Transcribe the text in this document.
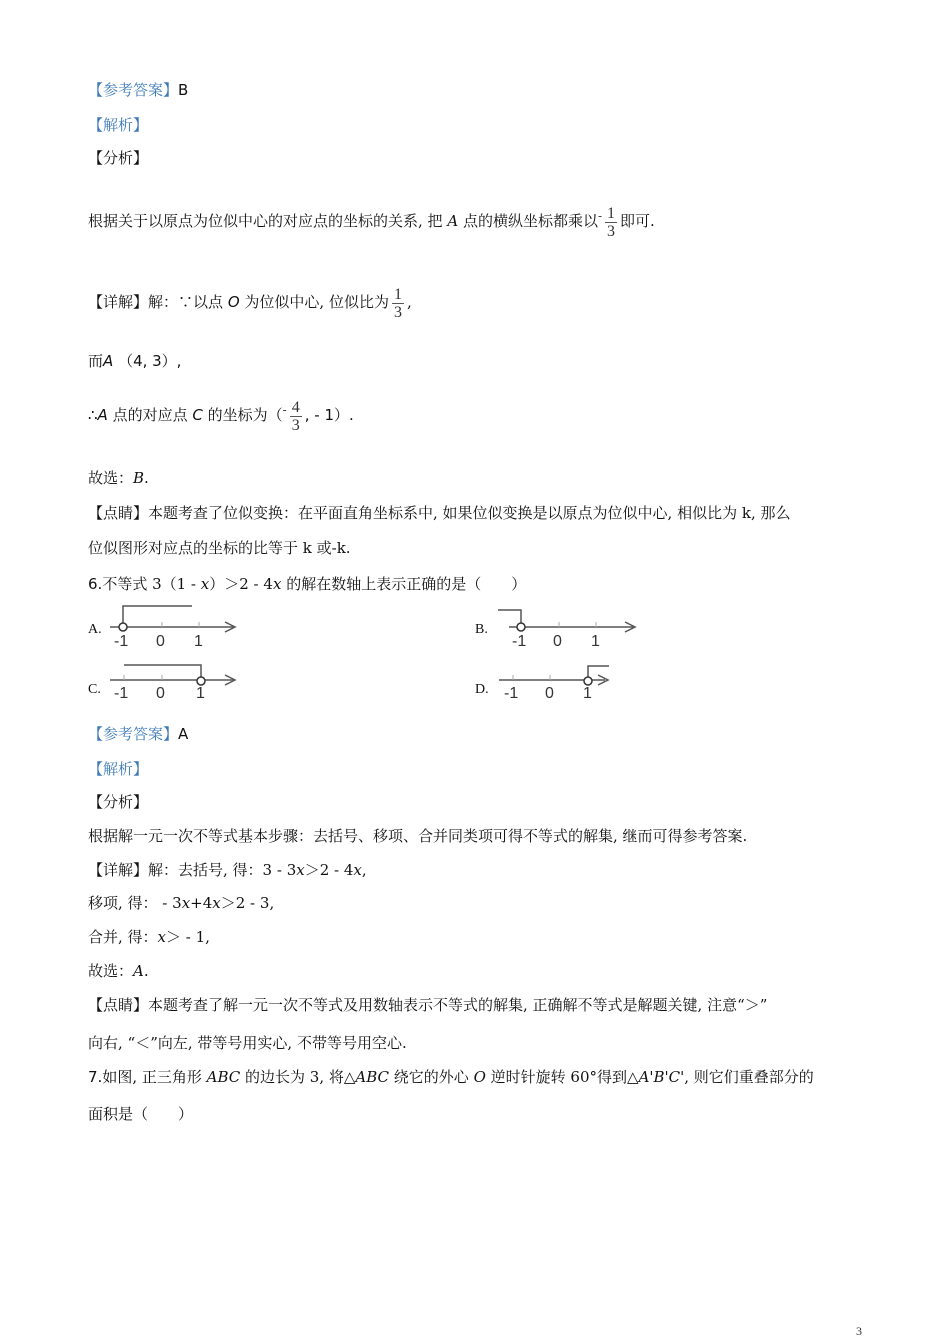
【参考答案】B
【解析】
【分析】
根据关于以原点为位似中心的对应点的坐标的关系, 把 A 点的横纵坐标都乘以$^- \frac{1}{3}$ 即可.
【详解】解：∵以点 O 为位似中心, 位似比为 $\frac{1}{3}$ ,
而A （4, 3）,
∴A 点的对应点 C 的坐标为（$^- \frac{4}{3}$ , - 1）.
故选：B.
【点睛】本题考查了位似变换：在平面直角坐标系中, 如果位似变换是以原点为位似中心, 相似比为 k, 那么
位似图形对应点的坐标的比等于 k 或-k.
6.不等式 3（1 - x）＞2 - 4x 的解在数轴上表示正确的是（　　）
A.
-1 0 1
B.
-1 0 1
C. -1 0 1	D. -1 0 1
【参考答案】A
【解析】
【分析】
根据解一元一次不等式基本步骤：去括号、移项、合并同类项可得不等式的解集, 继而可得参考答案.
【详解】解：去括号, 得：3 - 3x＞2 - 4x,
移项, 得： - 3x+4x＞2 - 3,
合并, 得：x＞ - 1,
故选：A.
【点睛】本题考查了解一元一次不等式及用数轴表示不等式的解集, 正确解不等式是解题关键, 注意“＞”
向右, “＜”向左, 带等号用实心, 不带等号用空心.
7.如图, 正三角形 ABC 的边长为 3, 将△ABC 绕它的外心 O 逆时针旋转 60°得到△A'B'C', 则它们重叠部分的
面积是（　　）
3
